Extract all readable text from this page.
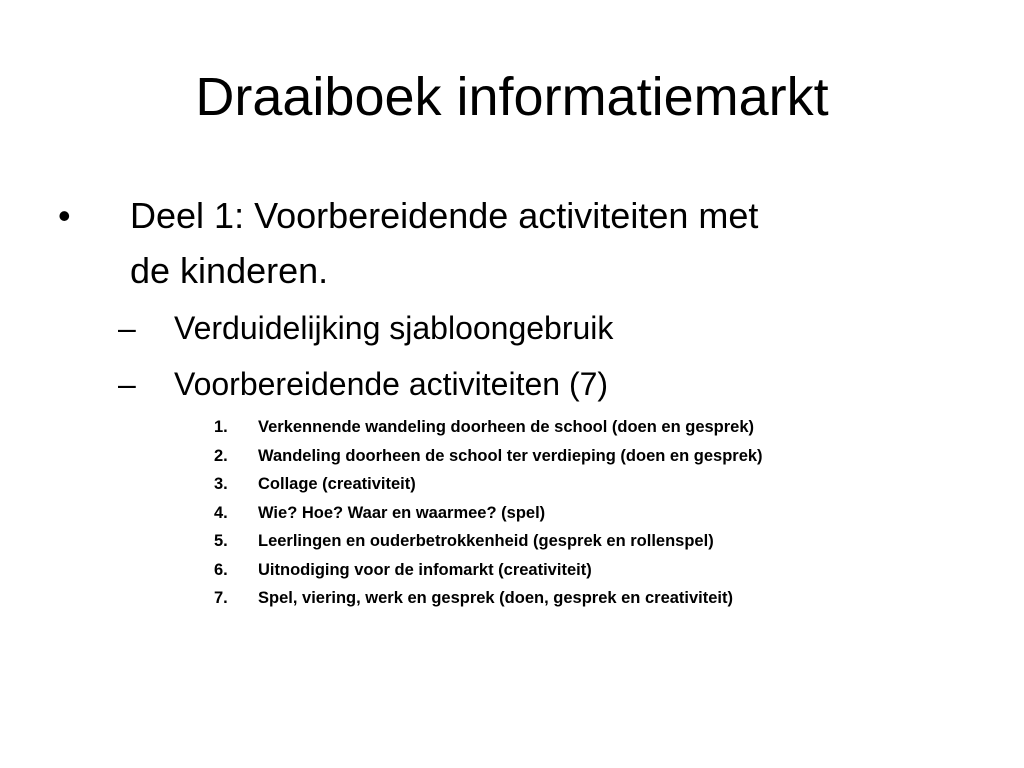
Draaiboek informatiemarkt
• Deel 1: Voorbereidende activiteiten met
de kinderen.
– Verduidelijking sjabloongebruik
– Voorbereidende activiteiten (7)
1.	Verkennende wandeling doorheen de school (doen en gesprek)
2.	Wandeling doorheen de school ter verdieping (doen en gesprek)
3.	Collage (creativiteit)
4.	Wie? Hoe? Waar en waarmee? (spel)
5.	Leerlingen en ouderbetrokkenheid (gesprek en rollenspel)
6.	Uitnodiging voor de infomarkt (creativiteit)
7.	Spel, viering, werk en gesprek (doen, gesprek en creativiteit)
